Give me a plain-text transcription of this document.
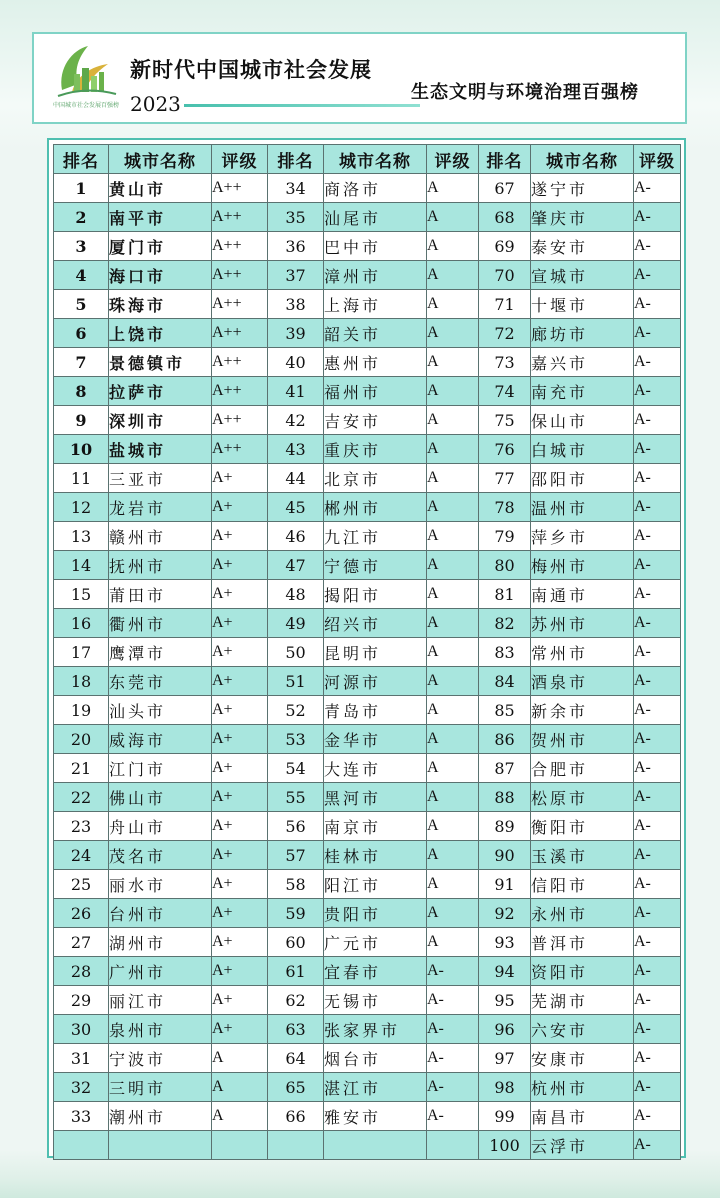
中国城市社会发展百强榜
新时代中国城市社会发展
2023	生态文明与环境治理百强榜
排名	城市名称	评级	排名	城市名称	评级	排名	城市名称	评级
1	黄山市	A++	34	商洛市	A	67	遂宁市	A-
2	南平市	A++	35	汕尾市	A	68	肇庆市	A-
3	厦门市	A++	36	巴中市	A	69	泰安市	A-
4	海口市	A++	37	漳州市	A	70	宣城市	A-
5	珠海市	A++	38	上海市	A	71	十堰市	A-
6	上饶市	A++	39	韶关市	A	72	廊坊市	A-
7	景德镇市	A++	40	惠州市	A	73	嘉兴市	A-
8	拉萨市	A++	41	福州市	A	74	南充市	A-
9	深圳市	A++	42	吉安市	A	75	保山市	A-
10	盐城市	A++	43	重庆市	A	76	白城市	A-
11	三亚市	A+	44	北京市	A	77	邵阳市	A-
12	龙岩市	A+	45	郴州市	A	78	温州市	A-
13	赣州市	A+	46	九江市	A	79	萍乡市	A-
14	抚州市	A+	47	宁德市	A	80	梅州市	A-
15	莆田市	A+	48	揭阳市	A	81	南通市	A-
16	衢州市	A+	49	绍兴市	A	82	苏州市	A-
17	鹰潭市	A+	50	昆明市	A	83	常州市	A-
18	东莞市	A+	51	河源市	A	84	酒泉市	A-
19	汕头市	A+	52	青岛市	A	85	新余市	A-
20	威海市	A+	53	金华市	A	86	贺州市	A-
21	江门市	A+	54	大连市	A	87	合肥市	A-
22	佛山市	A+	55	黑河市	A	88	松原市	A-
23	舟山市	A+	56	南京市	A	89	衡阳市	A-
24	茂名市	A+	57	桂林市	A	90	玉溪市	A-
25	丽水市	A+	58	阳江市	A	91	信阳市	A-
26	台州市	A+	59	贵阳市	A	92	永州市	A-
27	湖州市	A+	60	广元市	A	93	普洱市	A-
28	广州市	A+	61	宜春市	A-	94	资阳市	A-
29	丽江市	A+	62	无锡市	A-	95	芜湖市	A-
30	泉州市	A+	63	张家界市	A-	96	六安市	A-
31	宁波市	A	64	烟台市	A-	97	安康市	A-
32	三明市	A	65	湛江市	A-	98	杭州市	A-
33	潮州市	A	66	雅安市	A-	99	南昌市	A-
						100	云浮市	A-
